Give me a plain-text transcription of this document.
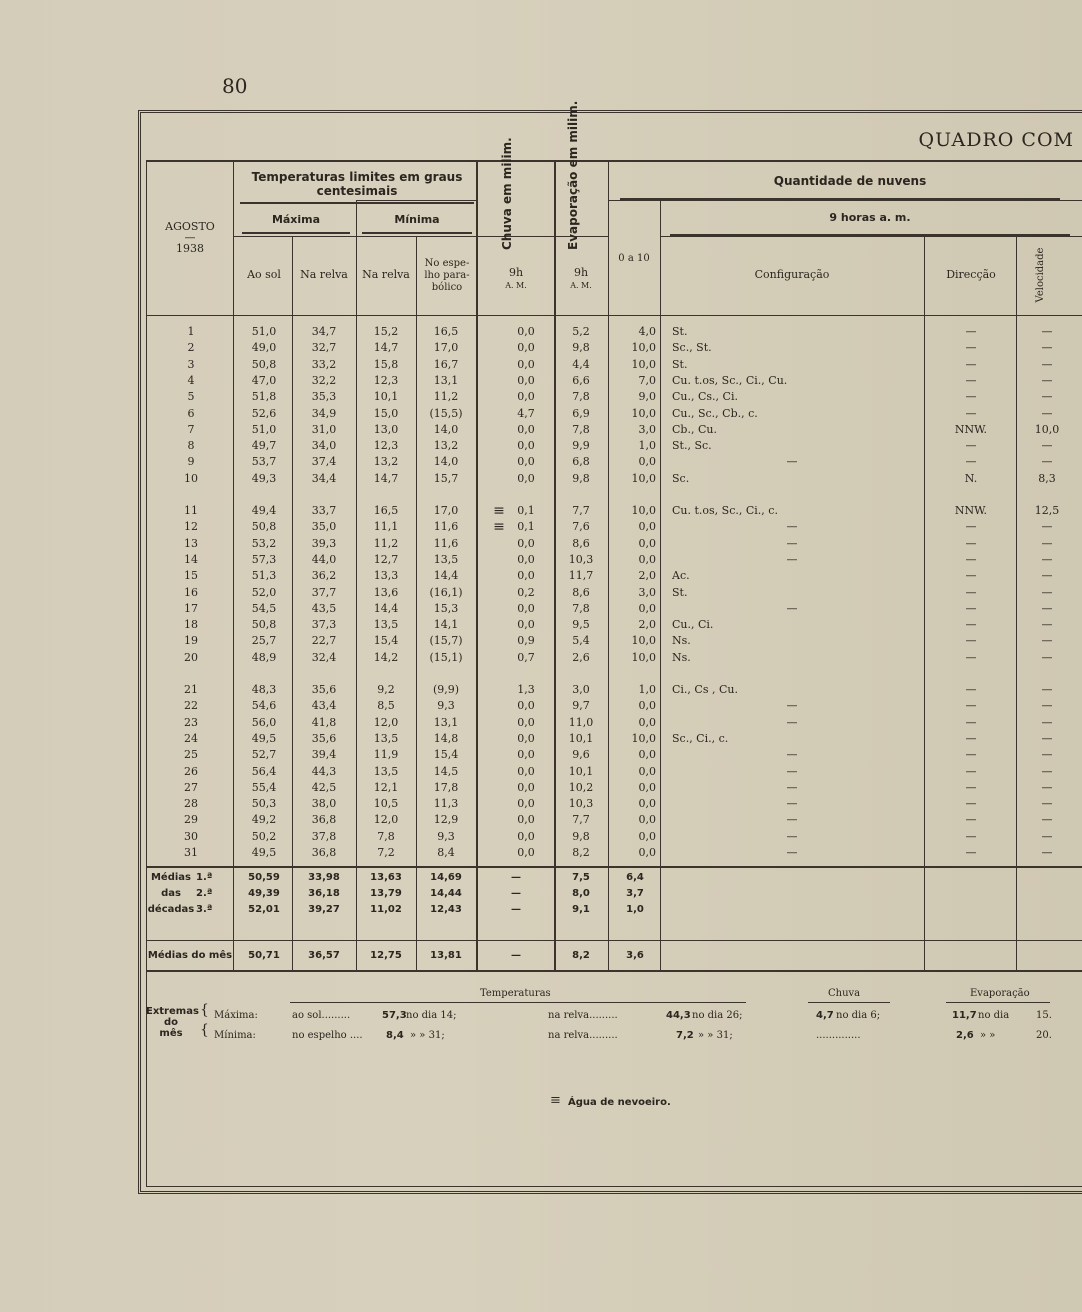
80
QUADRO COM
AGOSTO
—
1938
Temperaturas limites em graus centesimais
Máxima	Mínima
Ao sol	Na relva	Na relva
No espe-lho para-bólico
Chuva em milim.	Evaporação em milim.
9h
A. M.
9h
A. M.
0 a 10
Quantidade de nuvens
9 horas a. m.
Configuração	Direcção	Velocidade
1	51,0	34,7	15,2	16,5	0,0	5,2	4,0 St.	—	—
2	49,0	32,7	14,7	17,0	0,0	9,8	10,0 Sc., St.	—	—
3	50,8	33,2	15,8	16,7	0,0	4,4	10,0 St.	—	—
4	47,0	32,2	12,3	13,1	0,0	6,6	7,0 Cu. t.os, Sc., Ci., Cu.	—	—
5	51,8	35,3	10,1	11,2	0,0	7,8	9,0 Cu., Cs., Ci.	—	—
6	52,6	34,9	15,0	(15,5)	4,7	6,9	10,0 Cu., Sc., Cb., c.	—	—
7	51,0	31,0	13,0	14,0	0,0	7,8	3,0 Cb., Cu.	NNW.	10,0
8	49,7	34,0	12,3	13,2	0,0	9,9	1,0 St., Sc.	—	—
9	53,7	37,4	13,2	14,0	0,0	6,8	0,0	—	—	—
10	49,3	34,4	14,7	15,7	0,0	9,8	10,0 Sc.	N.	8,3
11	49,4	33,7	16,5	17,0	≡	0,1	7,7	10,0 Cu. t.os, Sc., Ci., c.	NNW.	12,5
12	50,8	35,0	11,1	11,6	≡	0,1	7,6	0,0	—	—	—
13	53,2	39,3	11,2	11,6	0,0	8,6	0,0	—	—	—
14	57,3	44,0	12,7	13,5	0,0	10,3	0,0	—	—	—
15	51,3	36,2	13,3	14,4	0,0	11,7	2,0 Ac.	—	—
16	52,0	37,7	13,6	(16,1)	0,2	8,6	3,0 St.	—	—
17	54,5	43,5	14,4	15,3	0,0	7,8	0,0	—	—	—
18	50,8	37,3	13,5	14,1	0,0	9,5	2,0 Cu., Ci.	—	—
19	25,7	22,7	15,4	(15,7)	0,9	5,4	10,0 Ns.	—	—
20	48,9	32,4	14,2	(15,1)	0,7	2,6	10,0 Ns.	—	—
21	48,3	35,6	9,2	(9,9)	1,3	3,0	1,0 Ci., Cs , Cu.	—	—
22	54,6	43,4	8,5	9,3	0,0	9,7	0,0	—	—	—
23	56,0	41,8	12,0	13,1	0,0	11,0	0,0	—	—	—
24	49,5	35,6	13,5	14,8	0,0	10,1	10,0 Sc., Ci., c.	—	—
25	52,7	39,4	11,9	15,4	0,0	9,6	0,0	—	—	—
26	56,4	44,3	13,5	14,5	0,0	10,1	0,0	—	—	—
27	55,4	42,5	12,1	17,8	0,0	10,2	0,0	—	—	—
28	50,3	38,0	10,5	11,3	0,0	10,3	0,0	—	—	—
29	49,2	36,8	12,0	12,9	0,0	7,7	0,0	—	—	—
30	50,2	37,8	7,8	9,3	0,0	9,8	0,0	—	—	—
31	49,5	36,8	7,2	8,4	0,0	8,2	0,0	—	—	—
Médias
das
décadas
1.ª	50,59	33,98	13,63	14,69	—	7,5	6,4
2.ª	49,39	36,18	13,79	14,44	—	8,0	3,7
3.ª	52,01	39,27	11,02	12,43	—	9,1	1,0
Médias do mês	50,71	36,57	12,75	13,81	—	8,2	3,6
Extremas
do
mês
{
{
Temperaturas	Chuva	Evaporação
Máxima:	ao sol.........	57,3 no dia 14;	na relva.........	44,3 no dia 26;	4,7 no dia 6;	11,7 no dia	15.
Mínima:	no espelho .... 8,4 » » 31;	na relva.........	7,2 » » 31;	..............	2,6 » »	20.
≡ Água de nevoeiro.
